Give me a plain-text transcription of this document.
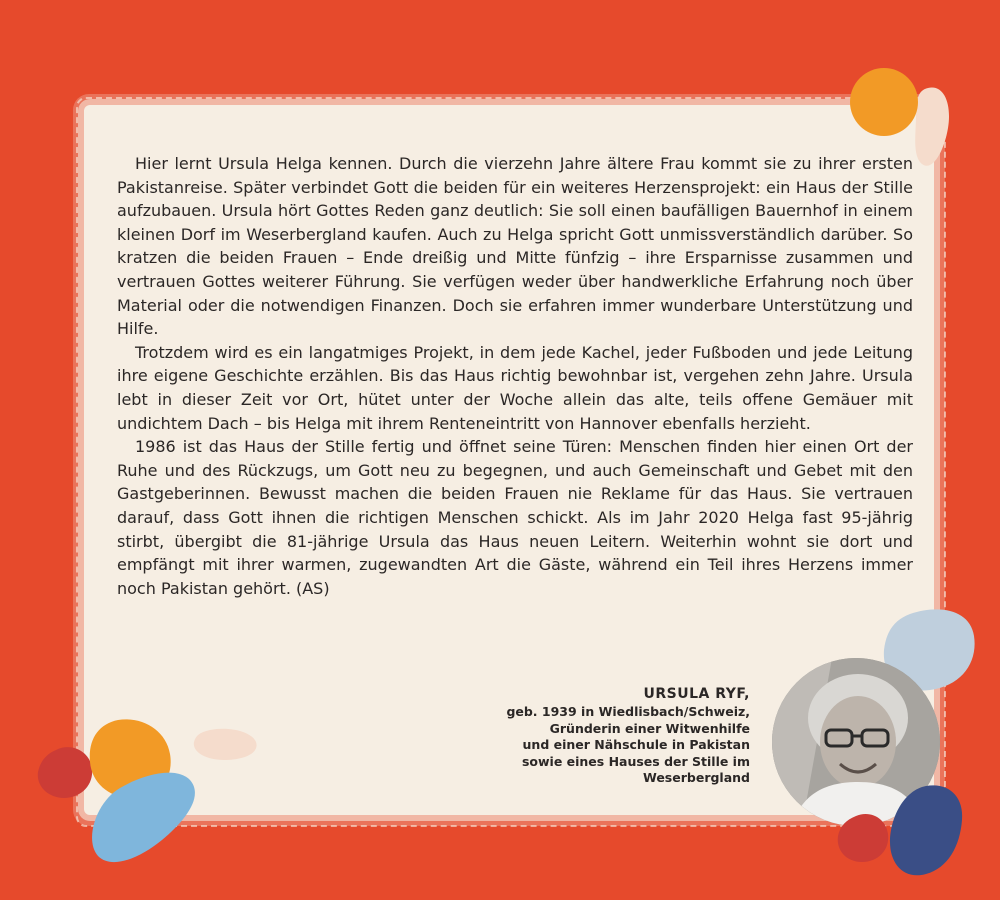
Hier lernt Ursula Helga kennen. Durch die vierzehn Jahre ältere Frau kommt sie zu ihrer ersten Pakistanreise. Später verbindet Gott die beiden für ein weiteres Herzensprojekt: ein Haus der Stille aufzubauen. Ursula hört Gottes Reden ganz deutlich: Sie soll einen baufälligen Bauernhof in einem kleinen Dorf im Weserbergland kaufen. Auch zu Helga spricht Gott unmissverständlich darüber. So kratzen die beiden Frauen – Ende dreißig und Mitte fünfzig – ihre Ersparnisse zusammen und vertrauen Gottes weiterer Führung. Sie verfügen weder über handwerkliche Erfahrung noch über Material oder die notwendigen Finanzen. Doch sie erfahren immer wunderbare Unterstützung und Hilfe.

Trotzdem wird es ein langatmiges Projekt, in dem jede Kachel, jeder Fußboden und jede Leitung ihre eigene Geschichte erzählen. Bis das Haus richtig bewohnbar ist, vergehen zehn Jahre. Ursula lebt in dieser Zeit vor Ort, hütet unter der Woche allein das alte, teils offene Gemäuer mit undichtem Dach – bis Helga mit ihrem Renteneintritt von Hannover ebenfalls herzieht.

1986 ist das Haus der Stille fertig und öffnet seine Türen: Menschen finden hier einen Ort der Ruhe und des Rückzugs, um Gott neu zu begegnen, und auch Gemeinschaft und Gebet mit den Gastgeberinnen. Bewusst machen die beiden Frauen nie Reklame für das Haus. Sie vertrauen darauf, dass Gott ihnen die richtigen Menschen schickt. Als im Jahr 2020 Helga fast 95-jährig stirbt, übergibt die 81-jährige Ursula das Haus neuen Leitern. Weiterhin wohnt sie dort und empfängt mit ihrer warmen, zugewandten Art die Gäste, während ein Teil ihres Herzens immer noch Pakistan gehört. (AS)

URSULA RYF,
geb. 1939 in Wiedlisbach/Schweiz,
Gründerin einer Witwenhilfe
und einer Nähschule in Pakistan
sowie eines Hauses der Stille im
Weserbergland
